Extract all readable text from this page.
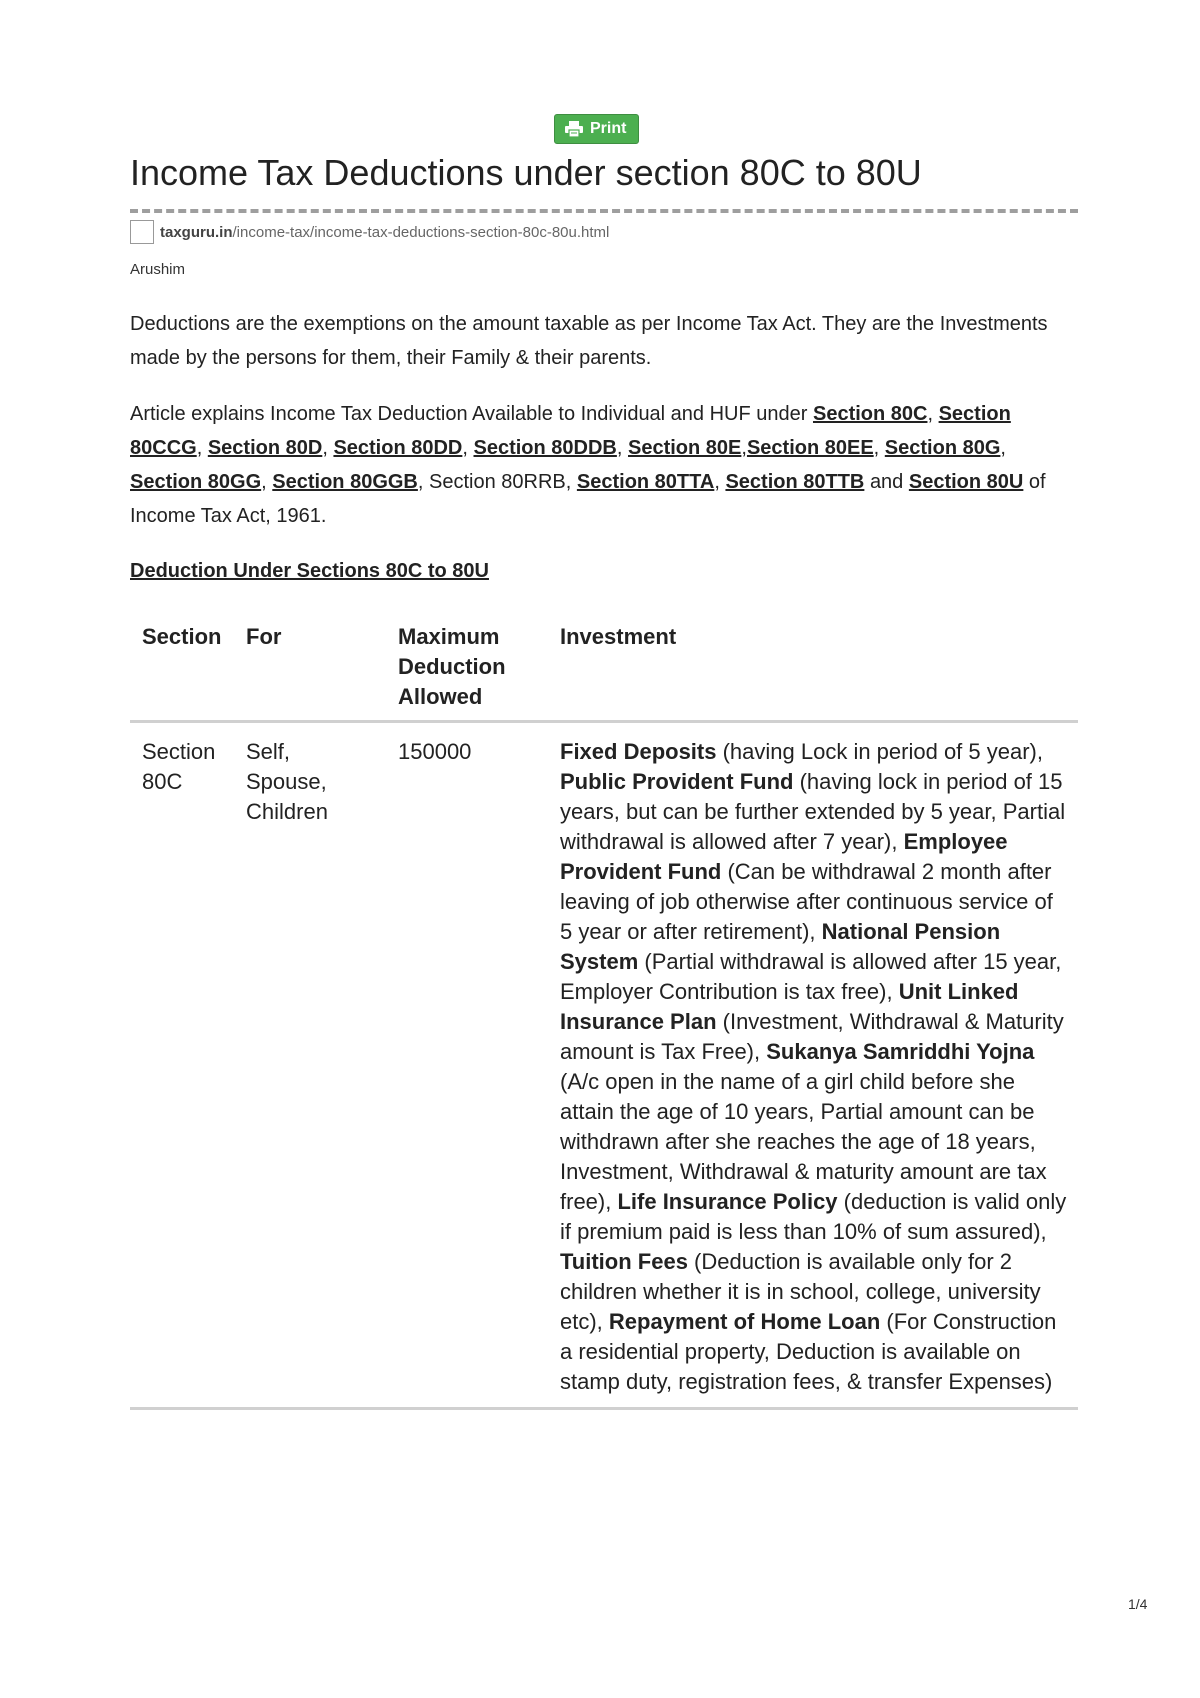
Print
Income Tax Deductions under section 80C to 80U
taxguru.in /income-tax/income-tax-deductions-section-80c-80u.html
Arushim

Deductions are the exemptions on the amount taxable as per Income Tax Act. They are the Investments made by the persons for them, their Family & their parents.

Article explains Income Tax Deduction Available to Individual and HUF under Section 80C, Section 80CCG, Section 80D, Section 80DD, Section 80DDB, Section 80E,Section 80EE, Section 80G, Section 80GG, Section 80GGB, Section 80RRB, Section 80TTA, Section 80TTB and Section 80U of Income Tax Act, 1961.

Deduction Under Sections 80C to 80U
Section	For	Maximum Deduction Allowed	Investment
Section 80C	Self, Spouse, Children	150000	Fixed Deposits (having Lock in period of 5 year), Public Provident Fund (having lock in period of 15 years, but can be further extended by 5 year, Partial withdrawal is allowed after 7 year), Employee Provident Fund (Can be withdrawal 2 month after leaving of job otherwise after continuous service of 5 year or after retirement), National Pension System (Partial withdrawal is allowed after 15 year, Employer Contribution is tax free), Unit Linked Insurance Plan (Investment, Withdrawal & Maturity amount is Tax Free), Sukanya Samriddhi Yojna (A/c open in the name of a girl child before she attain the age of 10 years, Partial amount can be withdrawn after she reaches the age of 18 years, Investment, Withdrawal & maturity amount are tax free), Life Insurance Policy (deduction is valid only if premium paid is less than 10% of sum assured), Tuition Fees (Deduction is available only for 2 children whether it is in school, college, university etc), Repayment of Home Loan (For Construction a residential property, Deduction is available on stamp duty, registration fees, & transfer Expenses)
1/4
